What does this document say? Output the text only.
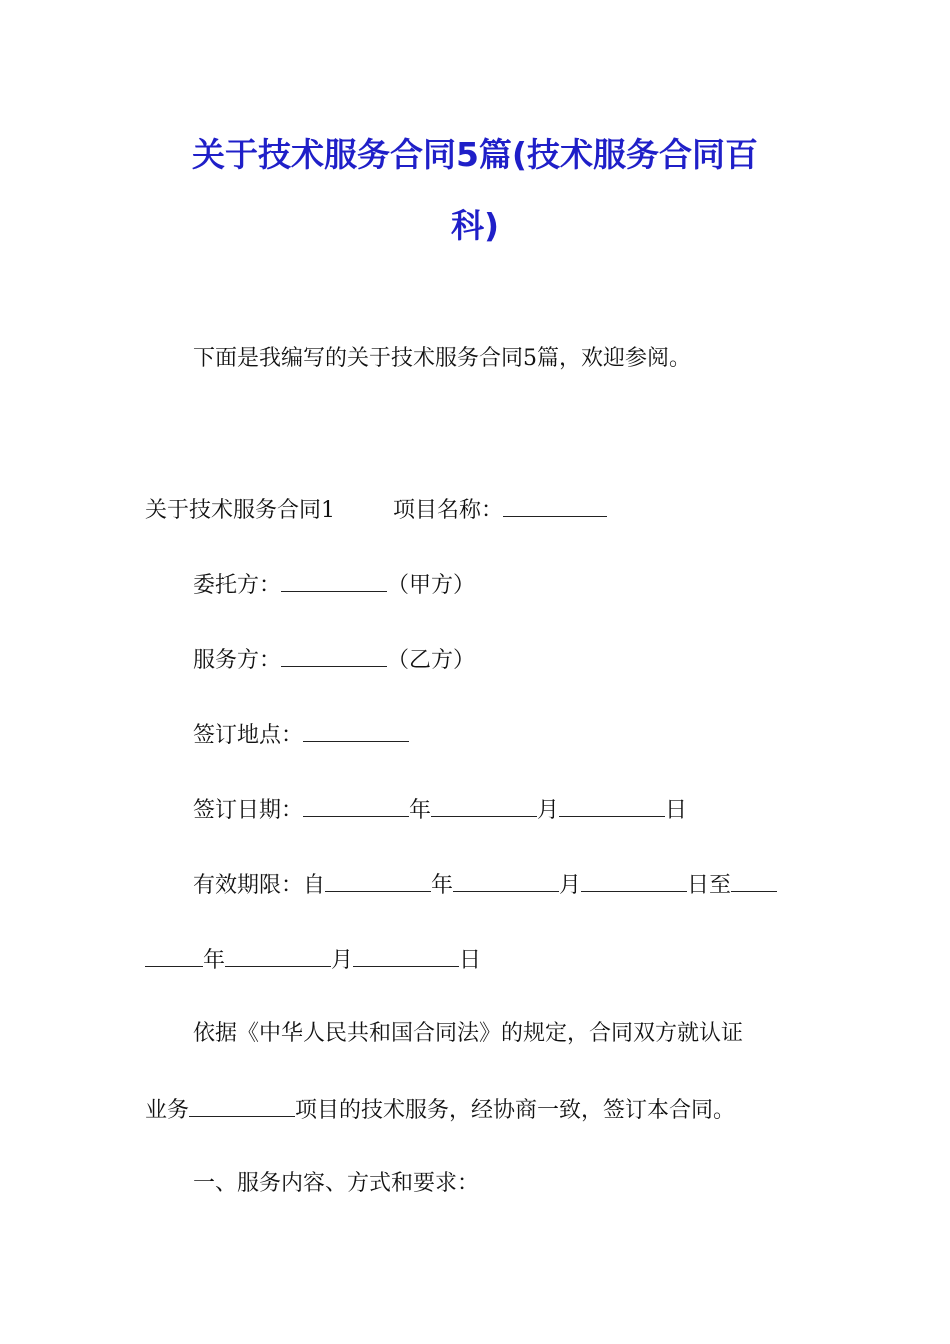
关于技术服务合同5篇(技术服务合同百
科)
下面是我编写的关于技术服务合同5篇，欢迎参阅。
关于技术服务合同1	项目名称：
委托方：	（甲方）
服务方：	（乙方）
签订地点：
签订日期：	年	月	日
有效期限：自	年	月	日至
年	月	日
依据《中华人民共和国合同法》的规定，合同双方就认证
业务	项目的技术服务，经协商一致，签订本合同。
一、服务内容、方式和要求：
